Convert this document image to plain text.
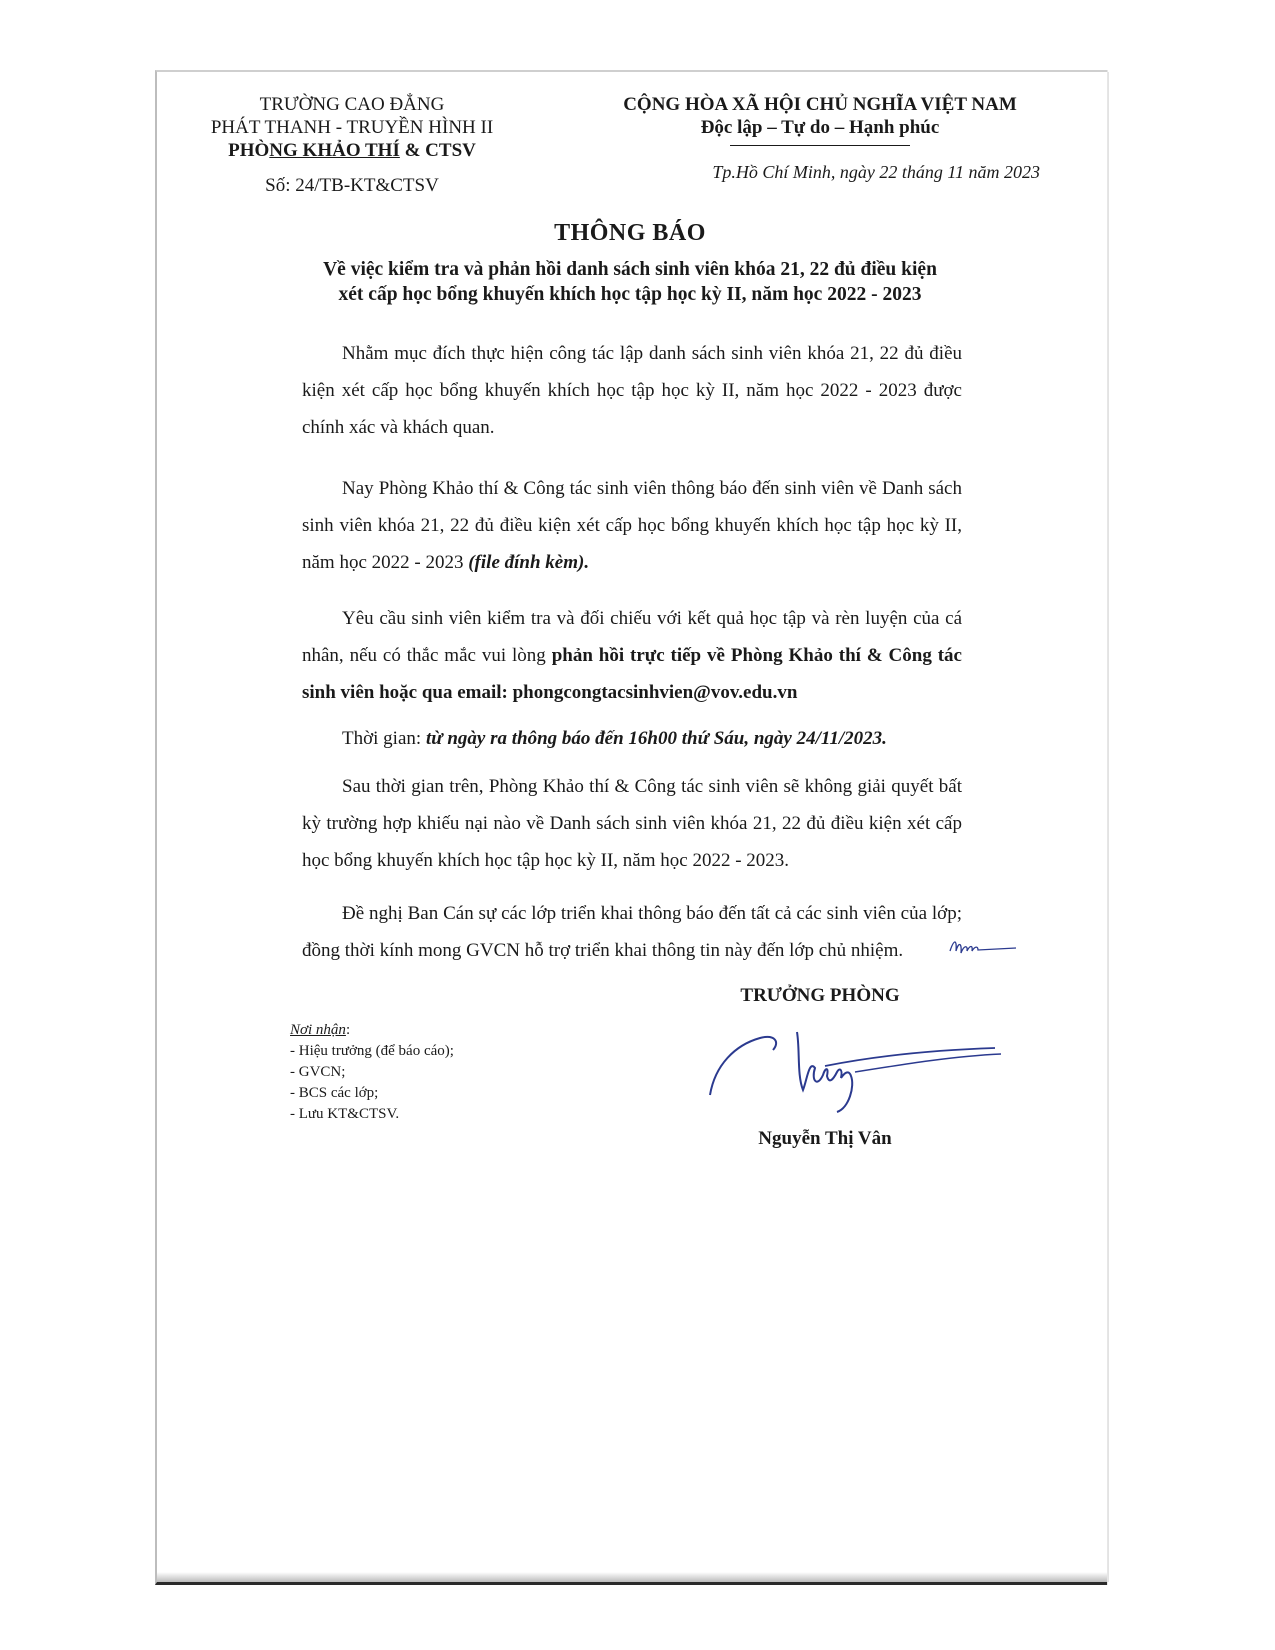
TRƯỜNG CAO ĐẲNG
PHÁT THANH - TRUYỀN HÌNH II
PHÒNG KHẢO THÍ & CTSV
Số: 24/TB-KT&CTSV
CỘNG HÒA XÃ HỘI CHỦ NGHĨA VIỆT NAM
Độc lập – Tự do – Hạnh phúc
Tp.Hồ Chí Minh, ngày 22 tháng 11 năm 2023
THÔNG BÁO
Về việc kiểm tra và phản hồi danh sách sinh viên khóa 21, 22 đủ điều kiện
xét cấp học bổng khuyến khích học tập học kỳ II, năm học 2022 - 2023
Nhằm mục đích thực hiện công tác lập danh sách sinh viên khóa 21, 22 đủ điều kiện xét cấp học bổng khuyến khích học tập học kỳ II, năm học 2022 - 2023 được chính xác và khách quan.
Nay Phòng Khảo thí & Công tác sinh viên thông báo đến sinh viên về Danh sách sinh viên khóa 21, 22 đủ điều kiện xét cấp học bổng khuyến khích học tập học kỳ II, năm học 2022 - 2023 (file đính kèm).
Yêu cầu sinh viên kiểm tra và đối chiếu với kết quả học tập và rèn luyện của cá nhân, nếu có thắc mắc vui lòng phản hồi trực tiếp về Phòng Khảo thí & Công tác sinh viên hoặc qua email: phongcongtacsinhvien@vov.edu.vn
Thời gian: từ ngày ra thông báo đến 16h00 thứ Sáu, ngày 24/11/2023.
Sau thời gian trên, Phòng Khảo thí & Công tác sinh viên sẽ không giải quyết bất kỳ trường hợp khiếu nại nào về Danh sách sinh viên khóa 21, 22 đủ điều kiện xét cấp học bổng khuyến khích học tập học kỳ II, năm học 2022 - 2023.
Đề nghị Ban Cán sự các lớp triển khai thông báo đến tất cả các sinh viên của lớp; đồng thời kính mong GVCN hỗ trợ triển khai thông tin này đến lớp chủ nhiệm.
Nơi nhận:
- Hiệu trưởng (để báo cáo);
- GVCN;
- BCS các lớp;
- Lưu KT&CTSV.
TRƯỞNG PHÒNG
Nguyễn Thị Vân
